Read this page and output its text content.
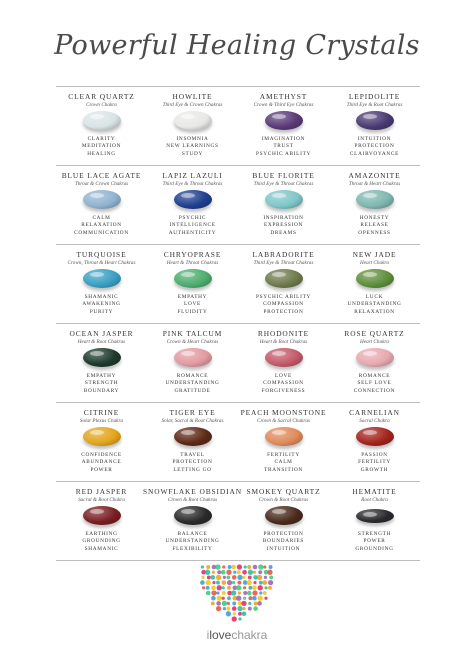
Powerful Healing Crystals
CLEAR QUARTZ
Crown Chakra
CLARITY
MEDITATION
HEALING
HOWLITE
Third Eye & Crown Chakras
INSOMNIA
NEW LEARNINGS
STUDY
AMETHYST
Crown & Third Eye Chakras
IMAGINATION
TRUST
PSYCHIC ABILITY
LEPIDOLITE
Third Eye & Root Chakras
INTUITION
PROTECTION
CLAIRVOYANCE
BLUE LACE AGATE
Throat & Crown Chakras
CALM
RELAXATION
COMMUNICATION
LAPIZ LAZULI
Third Eye & Throat Chakras
PSYCHIC
INTELLIGENCE
AUTHENTICITY
BLUE FLORITE
Third Eye & Throat Chakras
INSPIRATION
EXPRESSION
DREAMS
AMAZONITE
Throat & Heart Chakras
HONESTY
RELEASE
OPENNESS
TURQUOISE
Crown, Throat & Heart Chakras
SHAMANIC
AWAKENING
PURITY
CHRYOPRASE
Heart & Throat Chakras
EMPATHY
LOVE
FLUIDITY
LABRADORITE
Third Eye & Throat Chakras
PSYCHIC ABILITY
COMPASSION
PROTECTION
NEW JADE
Heart Chakra
LUCK
UNDERSTANDING
RELAXATION
OCEAN JASPER
Heart & Root Chakras
EMPATHY
STRENGTH
BOUNDARY
PINK TALCUM
Crown & Heart Chakras
ROMANCE
UNDERSTANDING
GRATITUDE
RHODONITE
Heart & Root Chakras
LOVE
COMPASSION
FORGIVENESS
ROSE QUARTZ
Heart Chakra
ROMANCE
SELF LOVE
CONNECTION
CITRINE
Solar Plexus Chakra
CONFIDENCE
ABUNDANCE
POWER
TIGER EYE
Solar, Sacral & Root Chakras
TRAVEL
PROTECTION
LETTING GO
PEACH MOONSTONE
Crown & Sacral Chakras
FERTILITY
CALM
TRANSITION
CARNELIAN
Sacral Chakra
PASSION
FERTILITY
GROWTH
RED JASPER
Sacral & Root Chakra
EARTHING
GROUNDING
SHAMANIC
SNOWFLAKE OBSIDIAN
Crown & Root Chakras
BALANCE
UNDERSTANDING
FLEXIBILITY
SMOKEY QUARTZ
Crown & Root Chakras
PROTECTION
BOUNDARIES
INTUITION
HEMATITE
Root Chakra
STRENGTH
POWER
GROUNDING
ilovechakra
